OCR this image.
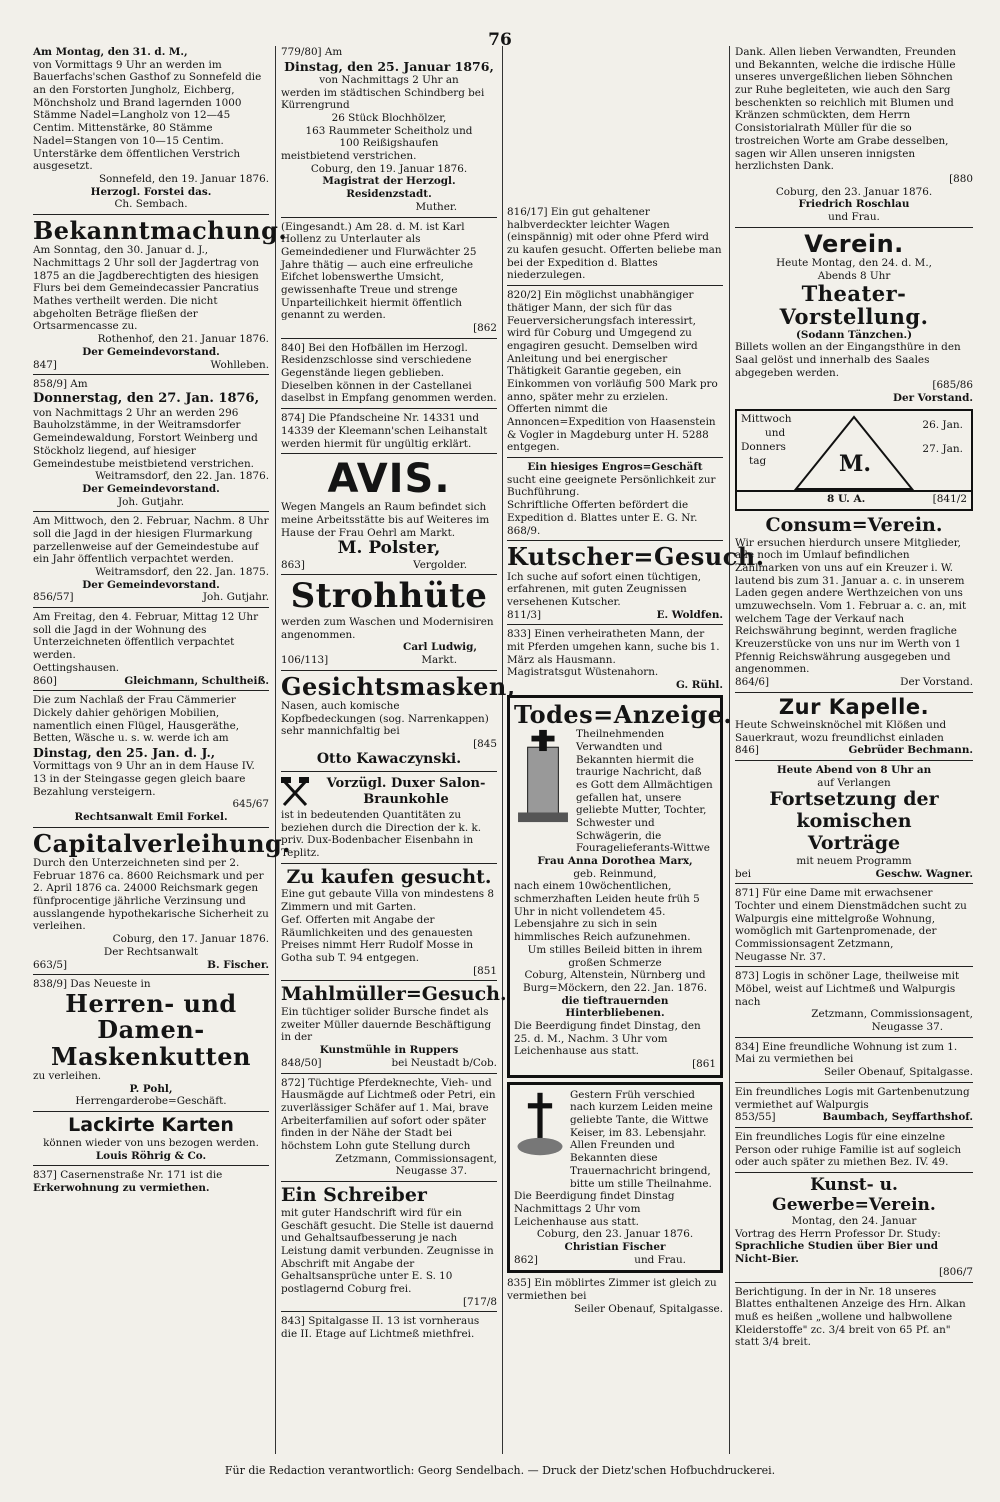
76

Am Montag, den 31. d. M.,

von Vormittags 9 Uhr an werden im Bauerfachs'schen Gasthof zu Sonnefeld die an den Forstorten Jungholz, Eichberg, Mönchsholz und Brand lagernden 1000 Stämme Nadel=Langholz von 12—45 Centim. Mittenstärke, 80 Stämme Nadel=Stangen von 10—15 Centim. Unterstärke dem öffentlichen Verstrich ausgesetzt.

Sonnefeld, den 19. Januar 1876.

Herzogl. Forstei das.

Ch. Sembach.

Bekanntmachung.

Am Sonntag, den 30. Januar d. J., Nachmittags 2 Uhr soll der Jagdertrag von 1875 an die Jagdberechtigten des hiesigen Flurs bei dem Gemeindecassier Pancratius Mathes vertheilt werden. Die nicht abgeholten Beträge fließen der Ortsarmencasse zu.

Rothenhof, den 21. Januar 1876.

Der Gemeindevorstand.

847]	Wohlleben.

858/9] Am

Donnerstag, den 27. Jan. 1876,

von Nachmittags 2 Uhr an werden 296 Bauholzstämme, in der Weitramsdorfer Gemeindewaldung, Forstort Weinberg und Stöckholz liegend, auf hiesiger Gemeindestube meistbietend verstrichen.

Weitramsdorf, den 22. Jan. 1876.

Der Gemeindevorstand.

Joh. Gutjahr.

Am Mittwoch, den 2. Februar, Nachm. 8 Uhr soll die Jagd in der hiesigen Flurmarkung parzellenweise auf der Gemeindestube auf ein Jahr öffentlich verpachtet werden.

Weitramsdorf, den 22. Jan. 1875.

Der Gemeindevorstand.

856/57]	Joh. Gutjahr.

Am Freitag, den 4. Februar, Mittag 12 Uhr soll die Jagd in der Wohnung des Unterzeichneten öffentlich verpachtet werden.

Oettingshausen.

860]	Gleichmann, Schultheiß.

Die zum Nachlaß der Frau Cämmerier Dickely dahier gehörigen Mobilien, namentlich einen Flügel, Hausgeräthe, Betten, Wäsche u. s. w. werde ich am

Dinstag, den 25. Jan. d. J.,

Vormittags von 9 Uhr an in dem Hause IV. 13 in der Steingasse gegen gleich baare Bezahlung versteigern.

645/67

Rechtsanwalt Emil Forkel.

Capitalverleihung.

Durch den Unterzeichneten sind per 2. Februar 1876 ca. 8600 Reichsmark und per 2. April 1876 ca. 24000 Reichsmark gegen fünfprocentige jährliche Verzinsung und ausslangende hypothekarische Sicherheit zu verleihen.

Coburg, den 17. Januar 1876.

Der Rechtsanwalt

663/5]	B. Fischer.

838/9] Das Neueste in

Herren- und Damen-

Maskenkutten

zu verleihen.

P. Pohl,

Herrengarderobe=Geschäft.

Lackirte Karten

können wieder von uns bezogen werden.

Louis Röhrig & Co.

837] Casernenstraße Nr. 171 ist die

Erkerwohnung zu vermiethen.

779/80] Am

Dinstag, den 25. Januar 1876,

von Nachmittags 2 Uhr an

werden im städtischen Schindberg bei Kürrengrund

26 Stück Blochhölzer,

163 Raummeter Scheitholz und

100 Reißigshaufen

meistbietend verstrichen.

Coburg, den 19. Januar 1876.

Magistrat der Herzogl. Residenzstadt.

Muther.

(Eingesandt.) Am 28. d. M. ist Karl Hollenz zu Unterlauter als Gemeindediener und Flurwächter 25 Jahre thätig — auch eine erfreuliche Eifchet lobenswerthe Umsicht, gewissenhafte Treue und strenge Unparteilichkeit hiermit öffentlich genannt zu werden.

[862

840] Bei den Hofbällen im Herzogl. Residenzschlosse sind verschiedene Gegenstände liegen geblieben. Dieselben können in der Castellanei daselbst in Empfang genommen werden.

874] Die Pfandscheine Nr. 14331 und 14339 der Kleemann'schen Leihanstalt werden hiermit für ungültig erklärt.

AVIS.

Wegen Mangels an Raum befindet sich meine Arbeitsstätte bis auf Weiteres im Hause der Frau Oehrl am Markt.

M. Polster,

863]	Vergolder.

Strohhüte

werden zum Waschen und Modernisiren angenommen.

Carl Ludwig,

106/113]	Markt.

Gesichtsmasken,

Nasen, auch komische Kopfbedeckungen (sog. Narrenkappen) sehr mannichfaltig bei

[845

Otto Kawaczynski.

Vorzügl. Duxer Salon-

Braunkohle

ist in bedeutenden Quantitäten zu beziehen durch die Direction der k. k. priv. Dux-Bodenbacher Eisenbahn in Teplitz.

Zu kaufen gesucht.

Eine gut gebaute Villa von mindestens 8 Zimmern und mit Garten.

Gef. Offerten mit Angabe der Räumlichkeiten und des genauesten Preises nimmt Herr Rudolf Mosse in Gotha sub T. 94 entgegen.

[851

Mahlmüller=Gesuch.

Ein tüchtiger solider Bursche findet als zweiter Müller dauernde Beschäftigung in der

Kunstmühle in Ruppers

848/50]	bei Neustadt b/Cob.

872] Tüchtige Pferdeknechte, Vieh- und Hausmägde auf Lichtmeß oder Petri, ein zuverlässiger Schäfer auf 1. Mai, brave Arbeiterfamilien auf sofort oder später finden in der Nähe der Stadt bei höchstem Lohn gute Stellung durch

Zetzmann, Commissionsagent,

Neugasse 37.

Ein Schreiber

mit guter Handschrift wird für ein Geschäft gesucht. Die Stelle ist dauernd und Gehaltsaufbesserung je nach Leistung damit verbunden. Zeugnisse in Abschrift mit Angabe der Gehaltsansprüche unter E. S. 10 postlagernd Coburg frei.

[717/8

843] Spitalgasse II. 13 ist vornheraus die II. Etage auf Lichtmeß miethfrei.

816/17] Ein gut gehaltener halbverdeckter leichter Wagen (einspännig) mit oder ohne Pferd wird zu kaufen gesucht. Offerten beliebe man bei der Expedition d. Blattes niederzulegen.

820/2] Ein möglichst unabhängiger thätiger Mann, der sich für das Feuerversicherungsfach interessirt, wird für Coburg und Umgegend zu engagiren gesucht. Demselben wird Anleitung und bei energischer Thätigkeit Garantie gegeben, ein Einkommen von vorläufig 500 Mark pro anno, später mehr zu erzielen.

Offerten nimmt die Annoncen=Expedition von Haasenstein & Vogler in Magdeburg unter H. 5288 entgegen.

Ein hiesiges Engros=Geschäft

sucht eine geeignete Persönlichkeit zur Buchführung.

Schriftliche Offerten befördert die Expedition d. Blattes unter E. G. Nr. 868/9.

Kutscher=Gesuch.

Ich suche auf sofort einen tüchtigen, erfahrenen, mit guten Zeugnissen versehenen Kutscher.

811/3]	E. Woldfen.

833] Einen verheiratheten Mann, der mit Pferden umgehen kann, suche bis 1. März als Hausmann.

Magistratsgut Wüstenahorn.

G. Rühl.

Todes=Anzeige.

Theilnehmenden Verwandten und Bekannten hiermit die traurige Nachricht, daß es Gott dem Allmächtigen gefallen hat, unsere geliebte Mutter, Tochter, Schwester und Schwägerin, die Fouragelieferants-Wittwe

Frau Anna Dorothea Marx,

geb. Reinmund,

nach einem 10wöchentlichen, schmerzhaften Leiden heute früh 5 Uhr in nicht vollendetem 45. Lebensjahre zu sich in sein himmlisches Reich aufzunehmen.

Um stilles Beileid bitten in ihrem großen Schmerze

Coburg, Altenstein, Nürnberg und Burg=Möckern, den 22. Jan. 1876.

die tieftrauernden Hinterbliebenen.

Die Beerdigung findet Dinstag, den 25. d. M., Nachm. 3 Uhr vom Leichenhause aus statt.

[861

Gestern Früh verschied nach kurzem Leiden meine geliebte Tante, die Wittwe Keiser, im 83. Lebensjahr. Allen Freunden und Bekannten diese Trauernachricht bringend, bitte um stille Theilnahme.

Die Beerdigung findet Dinstag Nachmittags 2 Uhr vom Leichenhause aus statt.

Coburg, den 23. Januar 1876.

Christian Fischer

862]	und Frau.

835] Ein möblirtes Zimmer ist gleich zu vermiethen bei

Seiler Obenauf, Spitalgasse.

Dank. Allen lieben Verwandten, Freunden und Bekannten, welche die irdische Hülle unseres unvergeßlichen lieben Söhnchen zur Ruhe begleiteten, wie auch den Sarg beschenkten so reichlich mit Blumen und Kränzen schmückten, dem Herrn Consistorialrath Müller für die so trostreichen Worte am Grabe desselben, sagen wir Allen unseren innigsten herzlichsten Dank.

[880

Coburg, den 23. Januar 1876.

Friedrich Roschlau

und Frau.

Verein.

Heute Montag, den 24. d. M.,

Abends 8 Uhr

Theater-Vorstellung.

(Sodann Tänzchen.)

Billets wollen an der Eingangsthüre in den Saal gelöst und innerhalb des Saales abgegeben werden.

[685/86

Der Vorstand.

Mittwoch
und
Donners
tag
26. Jan.
27. Jan.
M.
8 U. A.	[841/2

Consum=Verein.

Wir ersuchen hierdurch unsere Mitglieder, alle noch im Umlauf befindlichen Zahlmarken von uns auf ein Kreuzer i. W. lautend bis zum 31. Januar a. c. in unserem Laden gegen andere Werthzeichen von uns umzuwechseln. Vom 1. Februar a. c. an, mit welchem Tage der Verkauf nach Reichswährung beginnt, werden fragliche Kreuzerstücke von uns nur im Werth von 1 Pfennig Reichswährung ausgegeben und angenommen.

864/6]	Der Vorstand.

Zur Kapelle.

Heute Schweinsknöchel mit Klößen und Sauerkraut, wozu freundlichst einladen

846]	Gebrüder Bechmann.

Heute Abend von 8 Uhr an

auf Verlangen

Fortsetzung der komischen

Vorträge

mit neuem Programm

bei	Geschw. Wagner.

871] Für eine Dame mit erwachsener Tochter und einem Dienstmädchen sucht zu Walpurgis eine mittelgroße Wohnung, womöglich mit Gartenpromenade, der Commissionsagent Zetzmann,

Neugasse Nr. 37.

873] Logis in schöner Lage, theilweise mit Möbel, weist auf Lichtmeß und Walpurgis nach

Zetzmann, Commissionsagent,

Neugasse 37.

834] Eine freundliche Wohnung ist zum 1. Mai zu vermiethen bei

Seiler Obenauf, Spitalgasse.

Ein freundliches Logis mit Gartenbenutzung vermiethet auf Walpurgis

853/55]	Baumbach, Seyffarthshof.

Ein freundliches Logis für eine einzelne Person oder ruhige Familie ist auf sogleich oder auch später zu miethen Bez. IV. 49.

Kunst- u. Gewerbe=Verein.

Montag, den 24. Januar

Vortrag des Herrn Professor Dr. Study:

Sprachliche Studien über Bier und Nicht-Bier.

[806/7

Berichtigung. In der in Nr. 18 unseres Blattes enthaltenen Anzeige des Hrn. Alkan muß es heißen „wollene und halbwollene Kleiderstoffe" zc. 3/4 breit von 65 Pf. an" statt 3/4 breit.

Für die Redaction verantwortlich: Georg Sendelbach. — Druck der Dietz'schen Hofbuchdruckerei.
